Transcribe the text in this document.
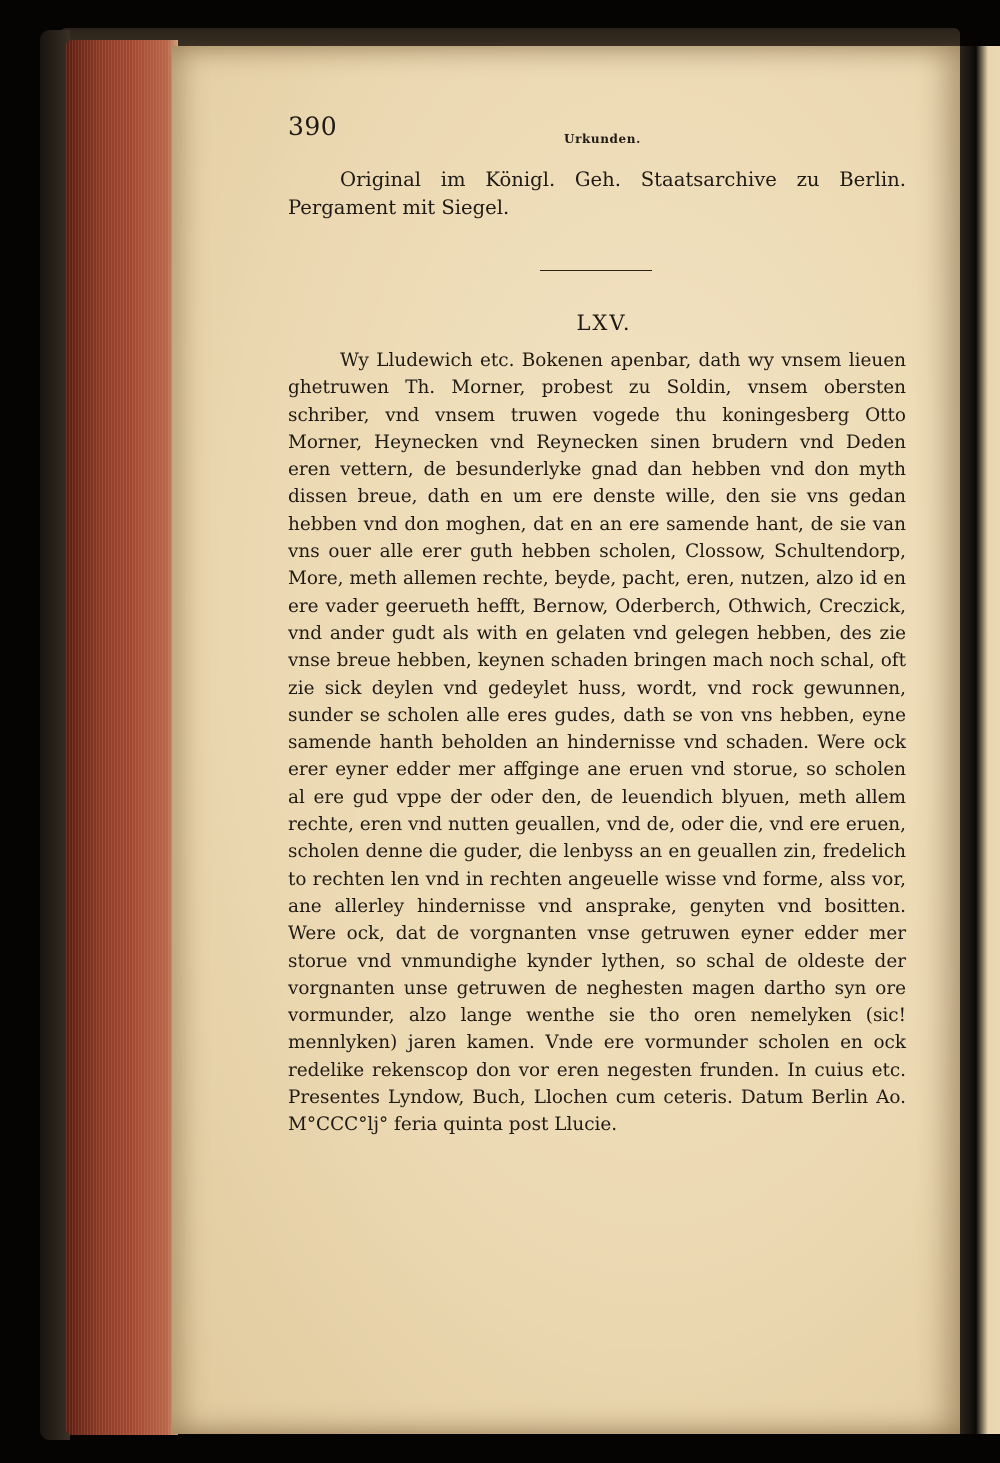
390	Urkunden.

Original im Königl. Geh. Staatsarchive zu Berlin. Pergament mit Siegel.

LXV.

Wy Lludewich etc. Bokenen apenbar, dath wy vnsem lieuen ghetruwen Th. Morner, probest zu Soldin, vnsem obersten schriber, vnd vnsem truwen vogede thu koningesberg Otto Morner, Heynecken vnd Reynecken sinen brudern vnd Deden eren vettern, de besunderlyke gnad dan hebben vnd don myth dissen breue, dath en um ere denste wille, den sie vns gedan hebben vnd don moghen, dat en an ere samende hant, de sie van vns ouer alle erer guth hebben scholen, Clossow, Schultendorp, More, meth allemen rechte, beyde, pacht, eren, nutzen, alzo id en ere vader geerueth hefft, Bernow, Oderberch, Othwich, Creczick, vnd ander gudt als with en gelaten vnd gelegen hebben, des zie vnse breue hebben, keynen schaden bringen mach noch schal, oft zie sick deylen vnd gedeylet huss, wordt, vnd rock gewunnen, sunder se scholen alle eres gudes, dath se von vns hebben, eyne samende hanth beholden an hindernisse vnd schaden. Were ock erer eyner edder mer affginge ane eruen vnd storue, so scholen al ere gud vppe der oder den, de leuendich blyuen, meth allem rechte, eren vnd nutten geuallen, vnd de, oder die, vnd ere eruen, scholen denne die guder, die lenbyss an en geuallen zin, fredelich to rechten len vnd in rechten angeuelle wisse vnd forme, alss vor, ane allerley hindernisse vnd ansprake, genyten vnd bositten. Were ock, dat de vorgnanten vnse getruwen eyner edder mer storue vnd vnmundighe kynder lythen, so schal de oldeste der vorgnanten unse getruwen de neghesten magen dartho syn ore vormunder, alzo lange wenthe sie tho oren nemelyken (sic! mennlyken) jaren kamen. Vnde ere vormunder scholen en ock redelike rekenscop don vor eren negesten frunden. In cuius etc. Presentes Lyndow, Buch, Llochen cum ceteris. Datum Berlin Ao. M°CCC°lj° feria quinta post Llucie.
